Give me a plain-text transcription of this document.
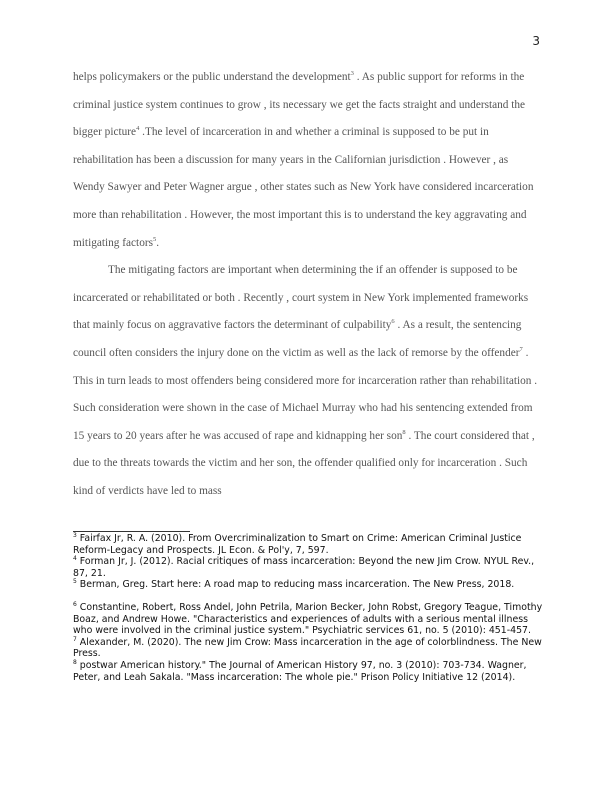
3

helps policymakers or the public understand the development$^3$ . As public support for reforms in the criminal justice system continues to grow , its necessary we get the facts straight and understand the bigger picture$^4$ .The level of incarceration in and whether a criminal is supposed to be put in rehabilitation has been a discussion for many years in the Californian jurisdiction . However , as Wendy Sawyer and Peter Wagner argue , other states such as New York have considered incarceration more than rehabilitation . However, the most important this is to understand the key aggravating and mitigating factors$^5$.

The mitigating factors are important when determining the if an offender is supposed to be incarcerated or rehabilitated or both . Recently , court system in New York implemented frameworks that mainly focus on aggravative factors the determinant of culpability$^6$ . As a result, the sentencing council often considers the injury done on the victim as well as the lack of remorse by the offender$^7$ . This in turn leads to most offenders being considered more for incarceration rather than rehabilitation . Such consideration were shown in the case of Michael Murray who had his sentencing extended from 15 years to 20 years after he was accused of rape and kidnapping her son$^8$ . The court considered that , due to the threats towards the victim and her son, the offender qualified only for incarceration . Such kind of verdicts have led to mass

$^3$ Fairfax Jr, R. A. (2010). From Overcriminalization to Smart on Crime: American Criminal Justice Reform-Legacy and Prospects. JL Econ. & Pol'y, 7, 597.

$^4$ Forman Jr, J. (2012). Racial critiques of mass incarceration: Beyond the new Jim Crow. NYUL Rev., 87, 21.

$^5$ Berman, Greg. Start here: A road map to reducing mass incarceration. The New Press, 2018.

$^6$ Constantine, Robert, Ross Andel, John Petrila, Marion Becker, John Robst, Gregory Teague, Timothy Boaz, and Andrew Howe. "Characteristics and experiences of adults with a serious mental illness who were involved in the criminal justice system." Psychiatric services 61, no. 5 (2010): 451-457.

$^7$ Alexander, M. (2020). The new Jim Crow: Mass incarceration in the age of colorblindness. The New Press.

$^8$ postwar American history." The Journal of American History 97, no. 3 (2010): 703-734. Wagner, Peter, and Leah Sakala. "Mass incarceration: The whole pie." Prison Policy Initiative 12 (2014).
